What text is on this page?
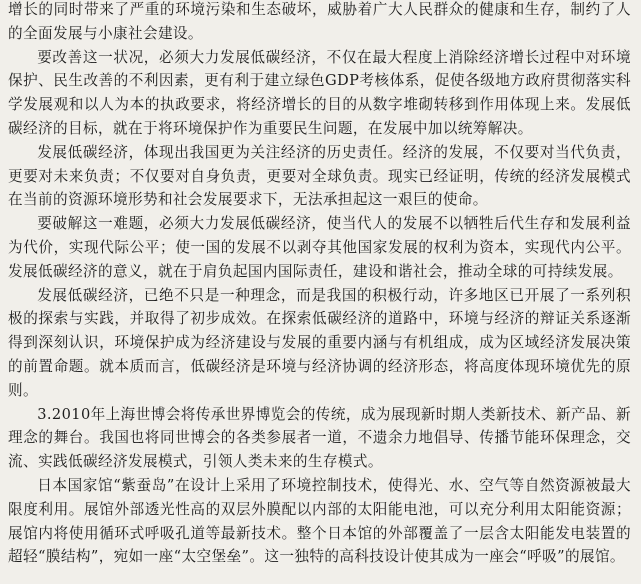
增长的同时带来了严重的环境污染和生态破坏，威胁着广大人民群众的健康和生存，制约了人的全面发展与小康社会建设。

要改善这一状况，必须大力发展低碳经济，不仅在最大程度上消除经济增长过程中对环境保护、民生改善的不利因素，更有利于建立绿色GDP考核体系，促使各级地方政府贯彻落实科学发展观和以人为本的执政要求，将经济增长的目的从数字堆砌转移到作用体现上来。发展低碳经济的目标，就在于将环境保护作为重要民生问题，在发展中加以统筹解决。

发展低碳经济，体现出我国更为关注经济的历史责任。经济的发展，不仅要对当代负责，更要对未来负责；不仅要对自身负责，更要对全球负责。现实已经证明，传统的经济发展模式在当前的资源环境形势和社会发展要求下，无法承担起这一艰巨的使命。

要破解这一难题，必须大力发展低碳经济，使当代人的发展不以牺牲后代生存和发展利益为代价，实现代际公平；使一国的发展不以剥夺其他国家发展的权利为资本，实现代内公平。发展低碳经济的意义，就在于肩负起国内国际责任，建设和谐社会，推动全球的可持续发展。

发展低碳经济，已绝不只是一种理念，而是我国的积极行动，许多地区已开展了一系列积极的探索与实践，并取得了初步成效。在探索低碳经济的道路中，环境与经济的辩证关系逐渐得到深刻认识，环境保护成为经济建设与发展的重要内涵与有机组成，成为区域经济发展决策的前置命题。就本质而言，低碳经济是环境与经济协调的经济形态，将高度体现环境优先的原则。

3.2010年上海世博会将传承世界博览会的传统，成为展现新时期人类新技术、新产品、新理念的舞台。我国也将同世博会的各类参展者一道，不遗余力地倡导、传播节能环保理念，交流、实践低碳经济发展模式，引领人类未来的生存模式。

日本国家馆“紫蚕岛”在设计上采用了环境控制技术，使得光、水、空气等自然资源被最大限度利用。展馆外部透光性高的双层外膜配以内部的太阳能电池，可以充分利用太阳能资源；展馆内将使用循环式呼吸孔道等最新技术。整个日本馆的外部覆盖了一层含太阳能发电装置的超轻“膜结构”，宛如一座“太空堡垒”。这一独特的高科技设计使其成为一座会“呼吸”的展馆。
